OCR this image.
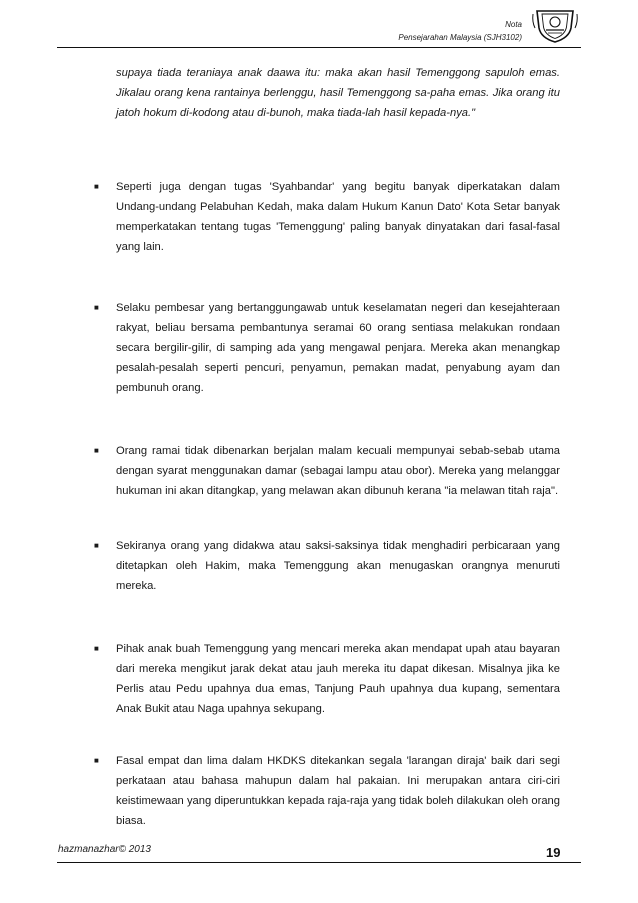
Nota
Pensejarahan Malaysia (SJH3102)
supaya tiada teraniaya anak daawa itu: maka akan hasil Temenggong sapuloh emas. Jikalau orang kena rantainya berlenggu, hasil Temenggong sa-paha emas. Jika orang itu jatoh hokum di-kodong atau di-bunoh, maka tiada-lah hasil kepada-nya."
■ Seperti juga dengan tugas 'Syahbandar' yang begitu banyak diperkatakan dalam Undang-undang Pelabuhan Kedah, maka dalam Hukum Kanun Dato' Kota Setar banyak memperkatakan tentang tugas 'Temenggung' paling banyak dinyatakan dari fasal-fasal yang lain.
■ Selaku pembesar yang bertanggungawab untuk keselamatan negeri dan kesejahteraan rakyat, beliau bersama pembantunya seramai 60 orang sentiasa melakukan rondaan secara bergilir-gilir, di samping ada yang mengawal penjara. Mereka akan menangkap pesalah-pesalah seperti pencuri, penyamun, pemakan madat, penyabung ayam dan pembunuh orang.
■ Orang ramai tidak dibenarkan berjalan malam kecuali mempunyai sebab-sebab utama dengan syarat menggunakan damar (sebagai lampu atau obor). Mereka yang melanggar hukuman ini akan ditangkap, yang melawan akan dibunuh kerana "ia melawan titah raja".
■ Sekiranya orang yang didakwa atau saksi-saksinya tidak menghadiri perbicaraan yang ditetapkan oleh Hakim, maka Temenggung akan menugaskan orangnya menuruti mereka.
■ Pihak anak buah Temenggung yang mencari mereka akan mendapat upah atau bayaran dari mereka mengikut jarak dekat atau jauh mereka itu dapat dikesan. Misalnya jika ke Perlis atau Pedu upahnya dua emas, Tanjung Pauh upahnya dua kupang, sementara Anak Bukit atau Naga upahnya sekupang.
■ Fasal empat dan lima dalam HKDKS ditekankan segala 'larangan diraja' baik dari segi perkataan atau bahasa mahupun dalam hal pakaian. Ini merupakan antara ciri-ciri keistimewaan yang diperuntukkan kepada raja-raja yang tidak boleh dilakukan oleh orang biasa.
hazmanazhar© 2013	19
